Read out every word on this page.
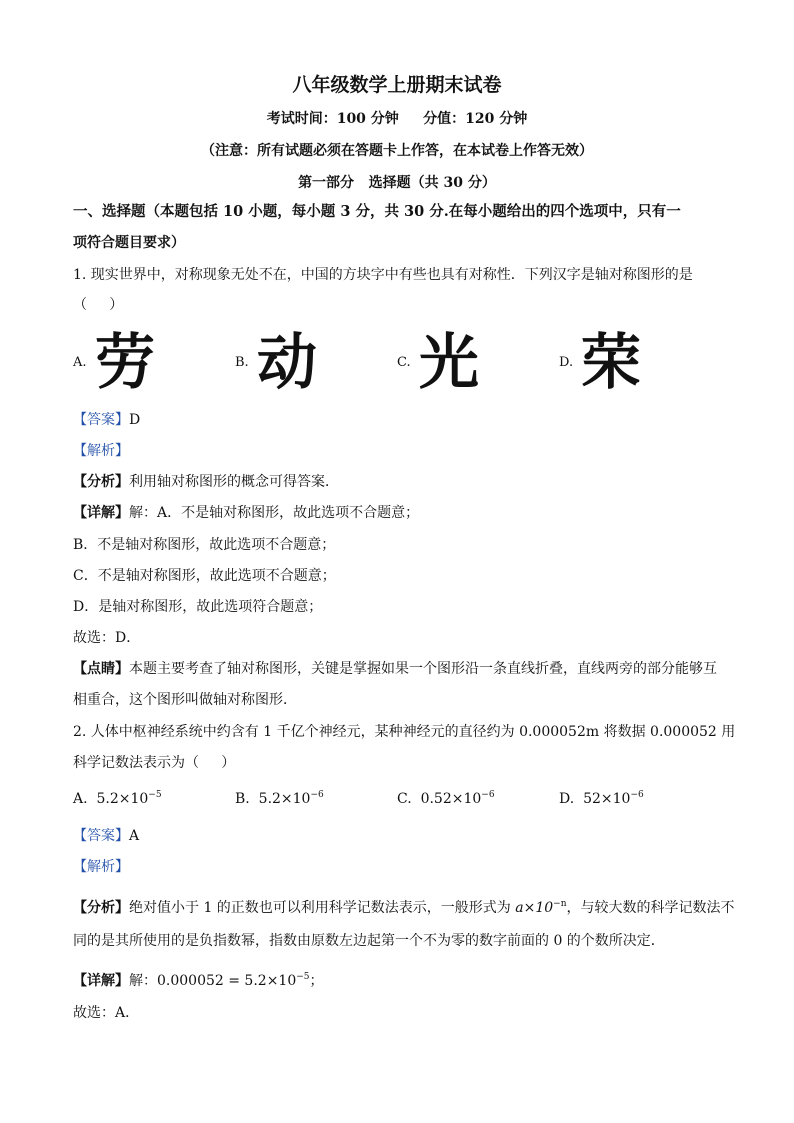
八年级数学上册期末试卷
考试时间：100 分钟     分值：120 分钟
（注意：所有试题必须在答题卡上作答，在本试卷上作答无效）
第一部分   选择题（共 30 分）
一、选择题（本题包括 10 小题，每小题 3 分，共 30 分.在每小题给出的四个选项中，只有一
项符合题目要求）
1. 现实世界中，对称现象无处不在，中国的方块字中有些也具有对称性．下列汉字是轴对称图形的是
（     ）
A. 劳	B. 动	C. 光	D. 荣
【答案】D
【解析】
【分析】利用轴对称图形的概念可得答案．
【详解】解：A．不是轴对称图形，故此选项不合题意；
B．不是轴对称图形，故此选项不合题意；
C．不是轴对称图形，故此选项不合题意；
D．是轴对称图形，故此选项符合题意；
故选：D．
【点睛】本题主要考查了轴对称图形，关键是掌握如果一个图形沿一条直线折叠，直线两旁的部分能够互
相重合，这个图形叫做轴对称图形．
2. 人体中枢神经系统中约含有 1 千亿个神经元，某种神经元的直径约为 0.000052m 将数据 0.000052 用
科学记数法表示为（     ）
A. $5.2\times 10^{-5}$	B. $5.2\times 10^{-6}$	C. $0.52\times 10^{-6}$	D. $52\times 10^{-6}$
【答案】A
【解析】
【分析】绝对值小于 1 的正数也可以利用科学记数法表示，一般形式为 $a\times 10^{-n}$，与较大数的科学记数法不
同的是其所使用的是负指数幂，指数由原数左边起第一个不为零的数字前面的 0 的个数所决定．
【详解】解：$0.000052 = 5.2\times 10^{-5}$；
故选：A．
